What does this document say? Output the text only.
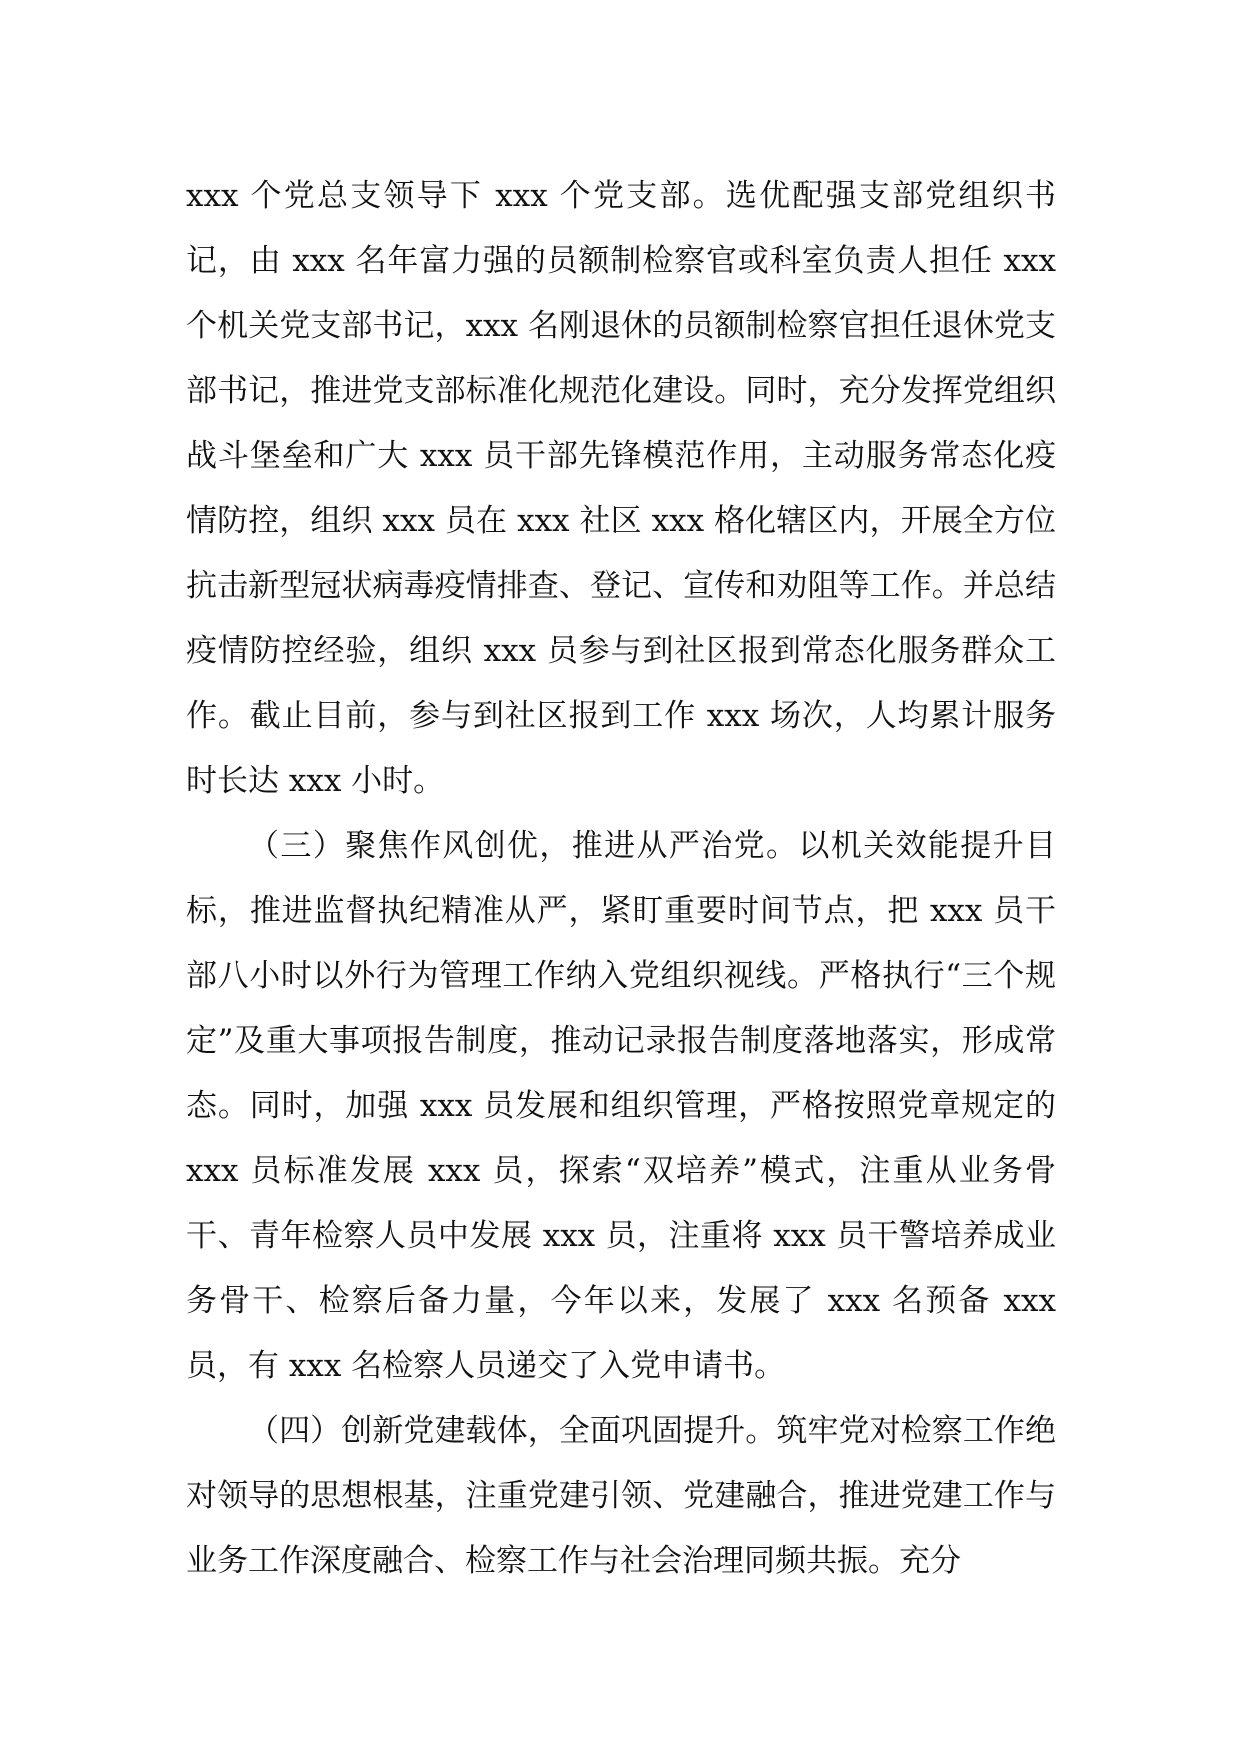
xxx 个党总支领导下 xxx 个党支部。选优配强支部党组织书记，由 xxx 名年富力强的员额制检察官或科室负责人担任 xxx 个机关党支部书记，xxx 名刚退休的员额制检察官担任退休党支部书记，推进党支部标准化规范化建设。同时，充分发挥党组织战斗堡垒和广大 xxx 员干部先锋模范作用，主动服务常态化疫情防控，组织 xxx 员在 xxx 社区 xxx 格化辖区内，开展全方位抗击新型冠状病毒疫情排查、登记、宣传和劝阻等工作。并总结疫情防控经验，组织 xxx 员参与到社区报到常态化服务群众工作。截止目前，参与到社区报到工作 xxx 场次，人均累计服务时长达 xxx 小时。

（三）聚焦作风创优，推进从严治党。以机关效能提升目标，推进监督执纪精准从严，紧盯重要时间节点，把 xxx 员干部八小时以外行为管理工作纳入党组织视线。严格执行“三个规定”及重大事项报告制度，推动记录报告制度落地落实，形成常态。同时，加强 xxx 员发展和组织管理，严格按照党章规定的 xxx 员标准发展 xxx 员，探索“双培养”模式，注重从业务骨干、青年检察人员中发展 xxx 员，注重将 xxx 员干警培养成业务骨干、检察后备力量，今年以来，发展了 xxx 名预备 xxx 员，有 xxx 名检察人员递交了入党申请书。

（四）创新党建载体，全面巩固提升。筑牢党对检察工作绝对领导的思想根基，注重党建引领、党建融合，推进党建工作与业务工作深度融合、检察工作与社会治理同频共振。充分
